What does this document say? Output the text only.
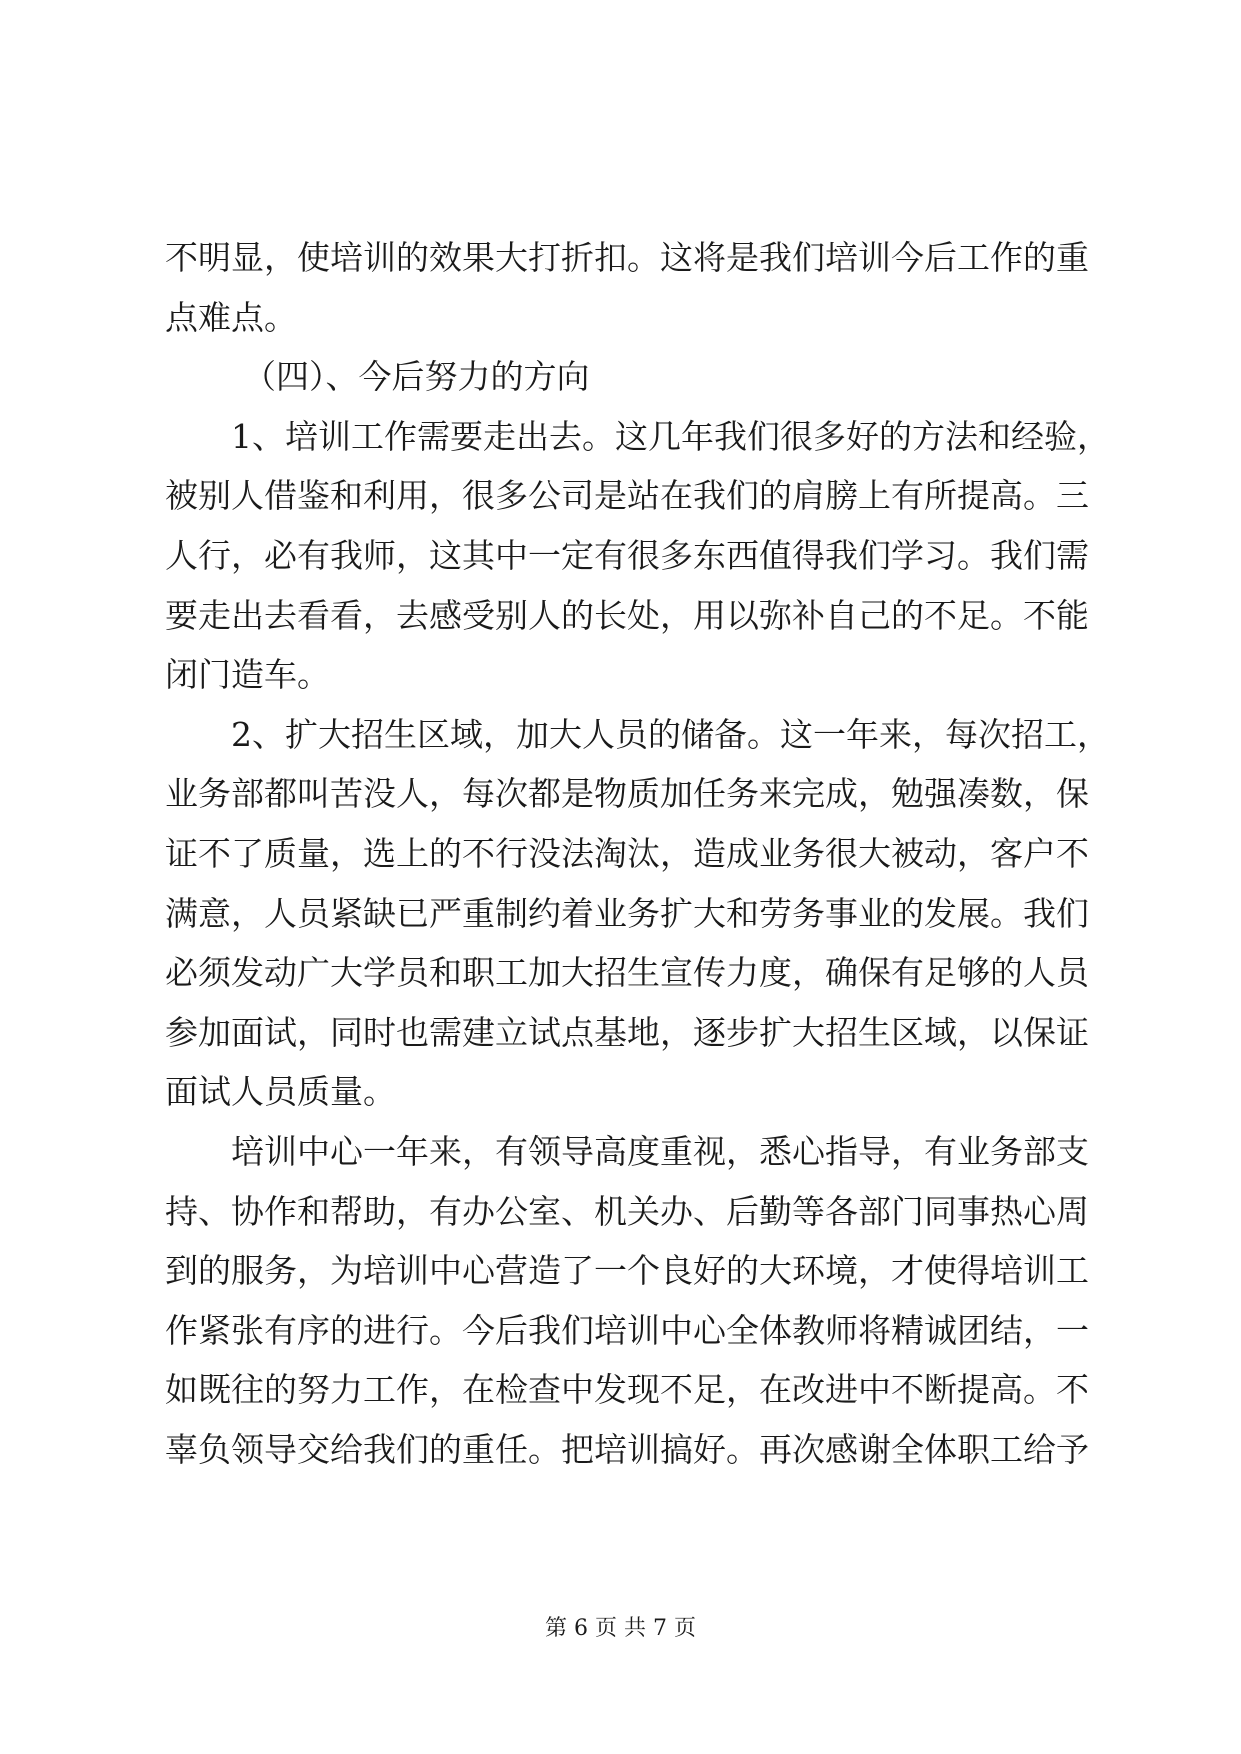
不明显，使培训的效果大打折扣。这将是我们培训今后工作的重
点难点。
（四）、今后努力的方向
1、培训工作需要走出去。这几年我们很多好的方法和经验，
被别人借鉴和利用，很多公司是站在我们的肩膀上有所提高。三
人行，必有我师，这其中一定有很多东西值得我们学习。我们需
要走出去看看，去感受别人的长处，用以弥补自己的不足。不能
闭门造车。
2、扩大招生区域，加大人员的储备。这一年来，每次招工，
业务部都叫苦没人，每次都是物质加任务来完成，勉强凑数，保
证不了质量，选上的不行没法淘汰，造成业务很大被动，客户不
满意，人员紧缺已严重制约着业务扩大和劳务事业的发展。我们
必须发动广大学员和职工加大招生宣传力度，确保有足够的人员
参加面试，同时也需建立试点基地，逐步扩大招生区域，以保证
面试人员质量。
培训中心一年来，有领导高度重视，悉心指导，有业务部支
持、协作和帮助，有办公室、机关办、后勤等各部门同事热心周
到的服务，为培训中心营造了一个良好的大环境，才使得培训工
作紧张有序的进行。今后我们培训中心全体教师将精诚团结，一
如既往的努力工作，在检查中发现不足，在改进中不断提高。不
辜负领导交给我们的重任。把培训搞好。再次感谢全体职工给予
第 6 页 共 7 页
